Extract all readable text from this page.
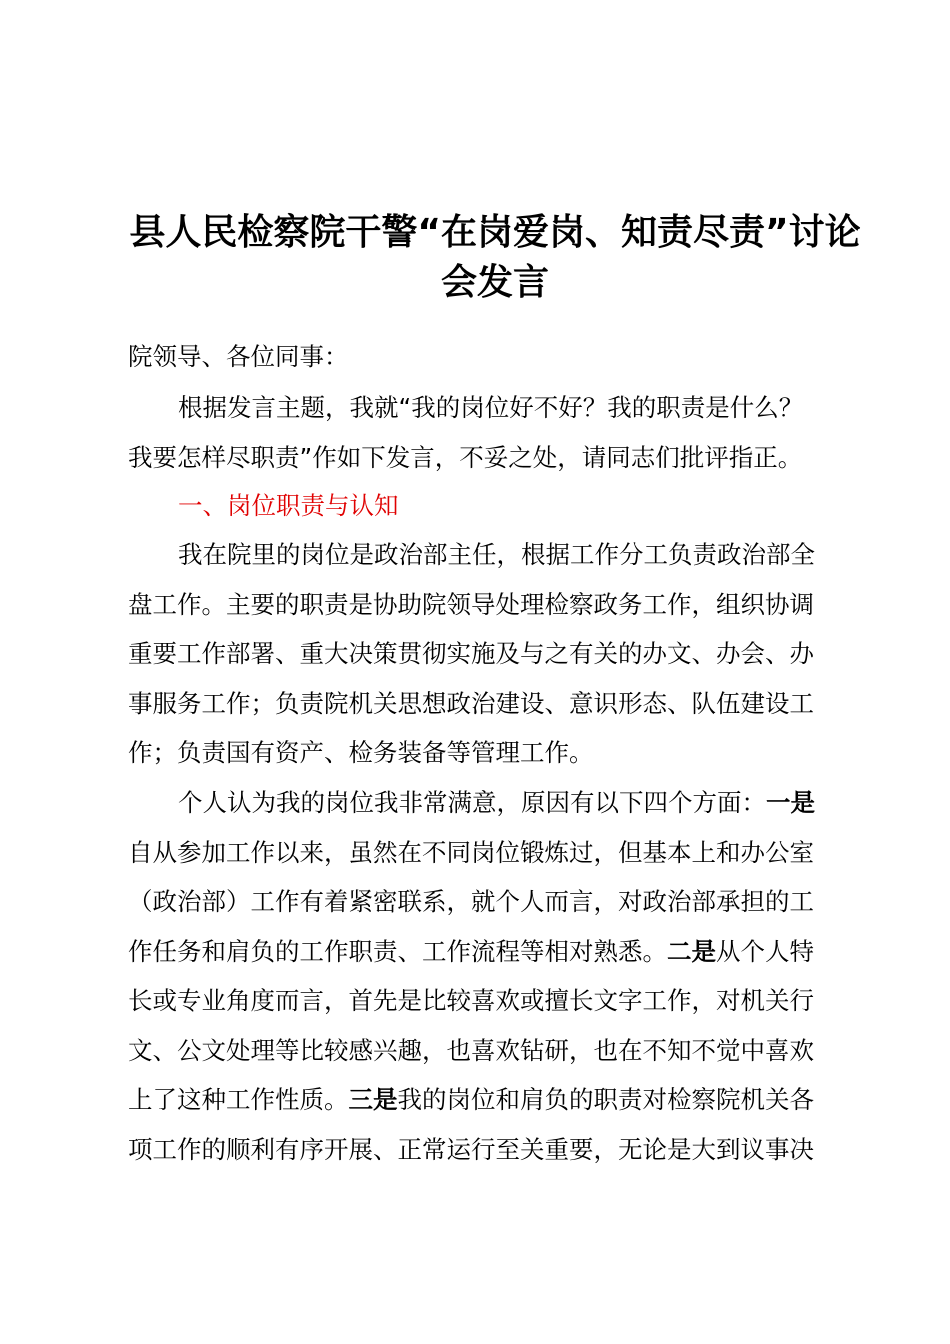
县人民检察院干警“在岗爱岗、知责尽责”讨论
会发言

院领导、各位同事：

根据发言主题，我就“我的岗位好不好？我的职责是什么？
我要怎样尽职责”作如下发言，不妥之处，请同志们批评指正。

一、岗位职责与认知

我在院里的岗位是政治部主任，根据工作分工负责政治部全
盘工作。主要的职责是协助院领导处理检察政务工作，组织协调
重要工作部署、重大决策贯彻实施及与之有关的办文、办会、办
事服务工作；负责院机关思想政治建设、意识形态、队伍建设工
作；负责国有资产、检务装备等管理工作。

个人认为我的岗位我非常满意，原因有以下四个方面：一是
自从参加工作以来，虽然在不同岗位锻炼过，但基本上和办公室
（政治部）工作有着紧密联系，就个人而言，对政治部承担的工
作任务和肩负的工作职责、工作流程等相对熟悉。二是从个人特
长或专业角度而言，首先是比较喜欢或擅长文字工作，对机关行
文、公文处理等比较感兴趣，也喜欢钻研，也在不知不觉中喜欢
上了这种工作性质。三是我的岗位和肩负的职责对检察院机关各
项工作的顺利有序开展、正常运行至关重要，无论是大到议事决
